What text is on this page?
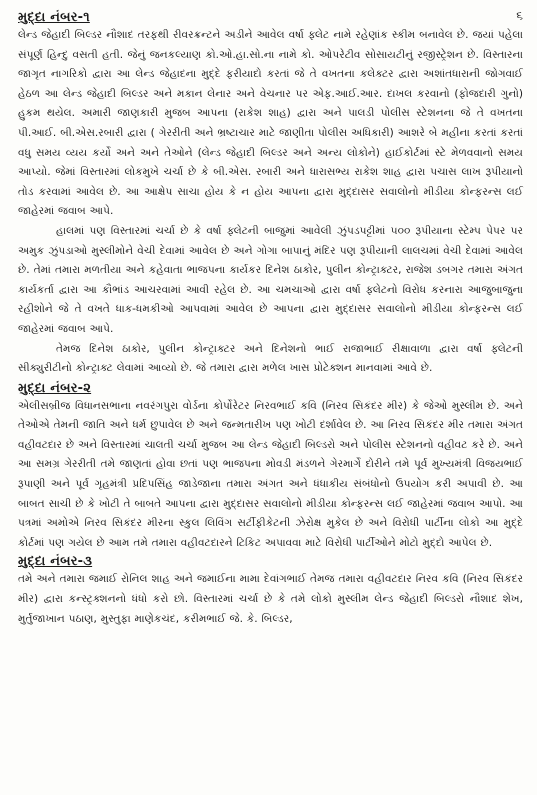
૬
મુદ્દા નંબર-૧

લેન્ડ જેહાદી બિલ્ડર નૌશાદ તરફથી રીવરક્રન્ટને અડીને આવેલ વર્ષા ફ્લેટ નામે રહેણાંક સ્કીમ બનાવેલ છે. જયાં પહેલા સંપૂર્ણ હિન્દુ વસતી હતી. જેનું જનકલ્યાણ કો.ઓ.હા.સો.ના નામે કો. ઓપરેટીવ સોસાયટીનું રજીસ્ટ્રેશન છે. વિસ્તારના જાગૃત નાગરિકો દ્વારા આ લેન્ડ જેહાદના મુદ્દે ફરીયાદો કરતાં જે તે વખતના કલેક્ટર દ્વારા અશાંતધારાની જોગવાઈ હેઠળ આ લેન્ડ જેહાદી બિલ્ડર અને મકાન લેનાર અને વેચનાર પર એફ.આઈ.આર. દાખલ કરવાનો (ફોજદારી ગુનો) હુકમ થયેલ. અમારી જાણકારી મુજબ આપના (રાકેશ શાહ) દ્વારા અને પાલડી પોલીસ સ્ટેશનના જે તે વખતના પી.આઈ. બી.એસ.રબારી દ્વારા ( ગેરરીતી અને ભ્રષ્ટાચાર માટે જાણીતા પોલીસ અધિકારી) આશરે બે મહીના કરતાં કરતાં વધુ સમય વ્યય કર્યો અને અને તેઓને (લેન્ડ જેહાદી બિલ્ડર અને અન્ય લોકોને) હાઈકોર્ટમાં સ્ટે મેળવવાનો સમય આપ્યો. જેમાં વિસ્તારમાં લોકમુખે ચર્ચા છે કે બી.એસ. રબારી અને ધારાસભ્ય રાકેશ શાહ દ્વારા પચાસ લાખ રૂપીયાનો તોડ કરવામાં આવેલ છે. આ આક્ષેપ સાચા હોય કે ન હોય આપના દ્વારા મુદ્દાસર સવાલોનો મીડીયા કોન્ફરન્સ લઈ જાહેરમાં જવાબ આપે.

હાલમાં પણ વિસ્તારમાં ચર્ચા છે કે વર્ષા ફ્લેટની બાજુમાં આવેલી ઝુંપડપટ્ટીમાં ૫૦૦ રૂપીયાના સ્ટેમ્પ પેપર પર અમુક ઝુંપડાઓ મુસ્લીમોને વેચી દેવામાં આવેલ છે અને ગોગા બાપાનું મંદિર પણ રૂપીયાની લાલચમાં વેચી દેવામાં આવેલ છે. તેમાં તમારા મળતીયા અને કહેવાતા ભાજપના કાર્યકર દિનેશ ઠાકોર, પુલીન કોન્ટ્રાક્ટર, રાજેશ ડબગર તમારા અંગત કાર્યકર્તા દ્વારા આ કૌભાંડ આચરવામાં આવી રહેલ છે. આ ચમચાઓ દ્વારા વર્ષા ફ્લેટનો વિરોધ કરનારા આજુબાજુના રહીશોને જે તે વખતે ધાક-ધમકીઓ આપવામાં આવેલ છે આપના દ્વારા મુદ્દાસર સવાલોનો મીડીયા કોન્ફરન્સ લઈ જાહેરમાં જવાબ આપે.

તેમજ દિનેશ ઠાકોર, પુલીન કોન્ટ્રાક્ટર અને દિનેશનો ભાઈ રાજાભાઈ રીક્ષાવાળા દ્વારા વર્ષા ફ્લેટની સીક્યુરીટીનો કોન્ટ્રાક્ટ લેવામાં આવ્યો છે. જે તમારા દ્વારા મળેલ ખાસ પ્રોટેક્શન માનવામાં આવે છે.

મુદ્દા નંબર-૨

એલીસબ્રીજ વિધાનસભાના નવરંગપુરા વોર્ડના કોર્પોરેટર નિરવભાઈ કવિ (નિરવ સિકંદર મીર) કે જેઓ મુસ્લીમ છે. અને તેઓએ તેમની જાતિ અને ધર્મ છુપાવેલ છે અને જન્મતારીખ પણ ખોટી દર્શાવેલ છે. આ નિરવ સિકંદર મીર તમારા અંગત વહીવટદાર છે અને વિસ્તારમાં ચાલતી ચર્ચા મુજબ આ લેન્ડ જેહાદી બિલ્ડરો અને પોલીસ સ્ટેશનનો વહીવટ કરે છે. અને આ સમગ્ર ગેરરીતી તમે જાણતાં હોવા છતાં પણ ભાજપના મોવડી મંડળને ગેરમાર્ગે દોરીને તમે પૂર્વ મુખ્યમંત્રી વિજયભાઈ રૂપાણી અને પૂર્વ ગૃહમંત્રી પ્રદિપસિંહ જાડેજાના તમારા અંગત અને ધંધાકીય સંબંધોનો ઉપયોગ કરી અપાવી છે. આ બાબત સાચી છે કે ખોટી તે બાબતે આપના દ્વારા મુદ્દાસર સવાલોનો મીડીયા કોન્ફરન્સ લઈ જાહેરમાં જવાબ આપો. આ પત્રમાં અમોએ નિરવ સિકંદર મીરના સ્કુલ લિવિંગ સર્ટીફીકેટની ઝેરોક્ષ મુકેલ છે અને વિરોધી પાર્ટીના લોકો આ મુદ્દે કોર્ટમાં પણ ગયેલ છે આમ તમે તમારા વહીવટદારને ટિકિટ અપાવવા માટે વિરોધી પાર્ટીઓને મોટો મુદ્દો આપેલ છે.

મુદ્દા નંબર-૩

તમે અને તમારા જમાઈ રોનિલ શાહ અને જમાઈના મામા દેવાંગભાઈ તેમજ તમારા વહીવટદાર નિરવ કવિ (નિરવ સિકંદર મીર) દ્વારા કન્સ્ટ્રક્શનનો ધંધો કરો છો. વિસ્તારમાં ચર્ચા છે કે તમે લોકો મુસ્લીમ લેન્ડ જેહાદી બિલ્ડરો નૌશાદ શેખ, મુર્તુજાખાન પઠાણ, મુસ્તુફા માણેકચંદ, કરીમભાઈ જે. કે. બિલ્ડર,
